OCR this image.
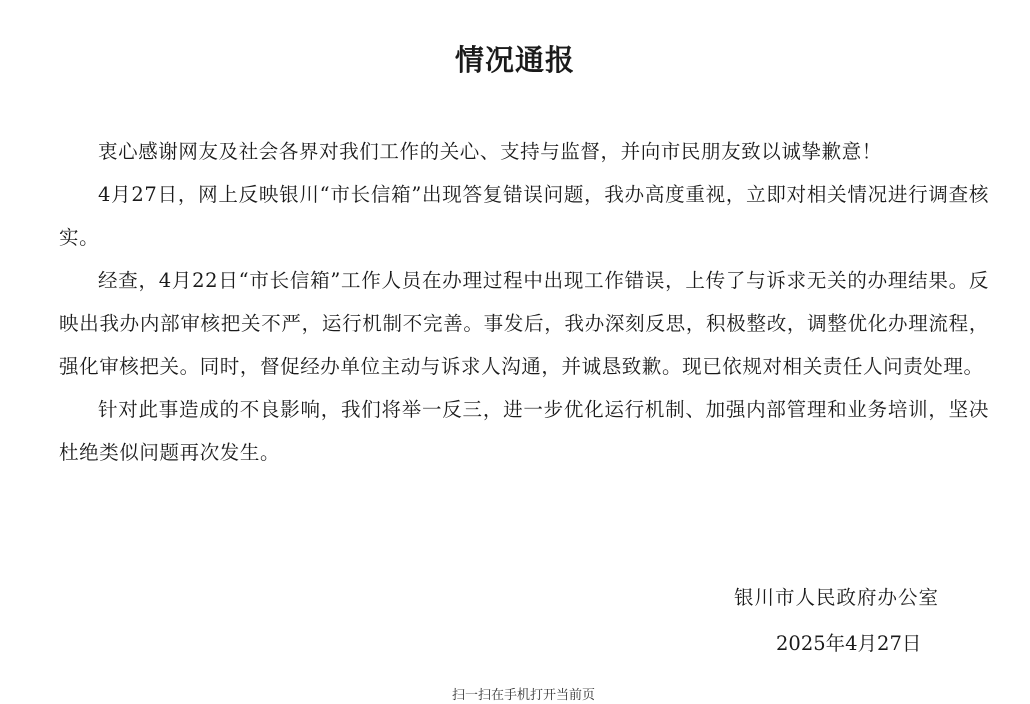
情况通报

衷心感谢网友及社会各界对我们工作的关心、支持与监督，并向市民朋友致以诚挚歉意！

4月27日，网上反映银川“市长信箱”出现答复错误问题，我办高度重视，立即对相关情况进行调查核实。

经查，4月22日“市长信箱”工作人员在办理过程中出现工作错误，上传了与诉求无关的办理结果。反映出我办内部审核把关不严，运行机制不完善。事发后，我办深刻反思，积极整改，调整优化办理流程，强化审核把关。同时，督促经办单位主动与诉求人沟通，并诚恳致歉。现已依规对相关责任人问责处理。

针对此事造成的不良影响，我们将举一反三，进一步优化运行机制、加强内部管理和业务培训，坚决杜绝类似问题再次发生。

银川市人民政府办公室
2025年4月27日
扫一扫在手机打开当前页
